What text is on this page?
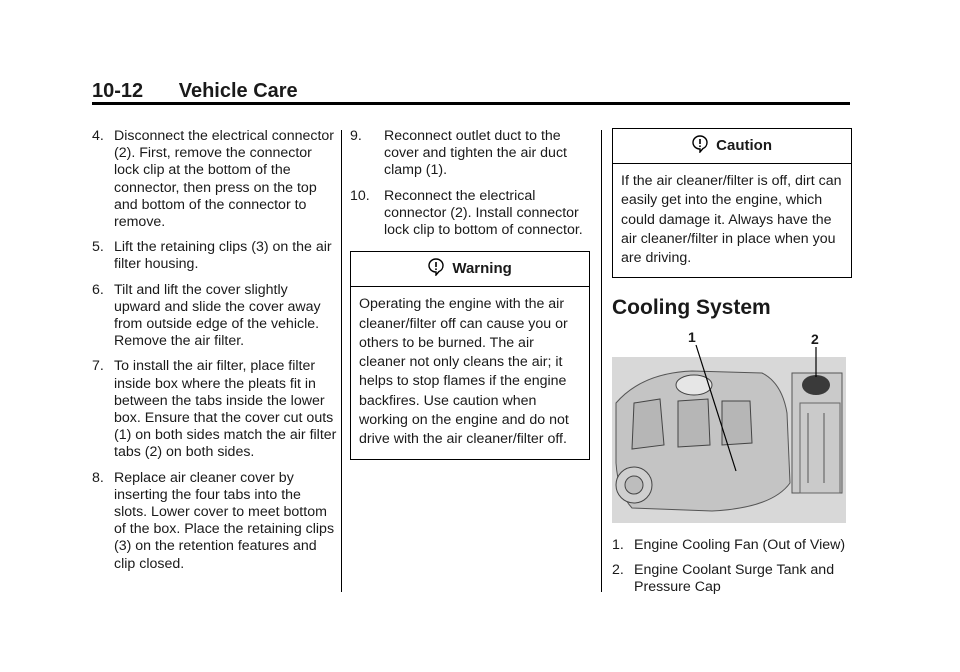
10-12 Vehicle Care
4. Disconnect the electrical connector (2). First, remove the connector lock clip at the bottom of the connector, then press on the top and bottom of the connector to remove.
5. Lift the retaining clips (3) on the air filter housing.
6. Tilt and lift the cover slightly upward and slide the cover away from outside edge of the vehicle. Remove the air filter.
7. To install the air filter, place filter inside box where the pleats fit in between the tabs inside the lower box. Ensure that the cover cut outs (1) on both sides match the air filter tabs (2) on both sides.
8. Replace air cleaner cover by inserting the four tabs into the slots. Lower cover to meet bottom of the box. Place the retaining clips (3) on the retention features and clip closed.
9.	Reconnect outlet duct to the cover and tighten the air duct clamp (1).
10.	Reconnect the electrical connector (2). Install connector lock clip to bottom of connector.
Warning
Operating the engine with the air cleaner/filter off can cause you or others to be burned. The air cleaner not only cleans the air; it helps to stop flames if the engine backfires. Use caution when working on the engine and do not drive with the air cleaner/filter off.
Caution
If the air cleaner/filter is off, dirt can easily get into the engine, which could damage it. Always have the air cleaner/filter in place when you are driving.
Cooling System
1	2
1. Engine Cooling Fan (Out of View)
2. Engine Coolant Surge Tank and Pressure Cap
